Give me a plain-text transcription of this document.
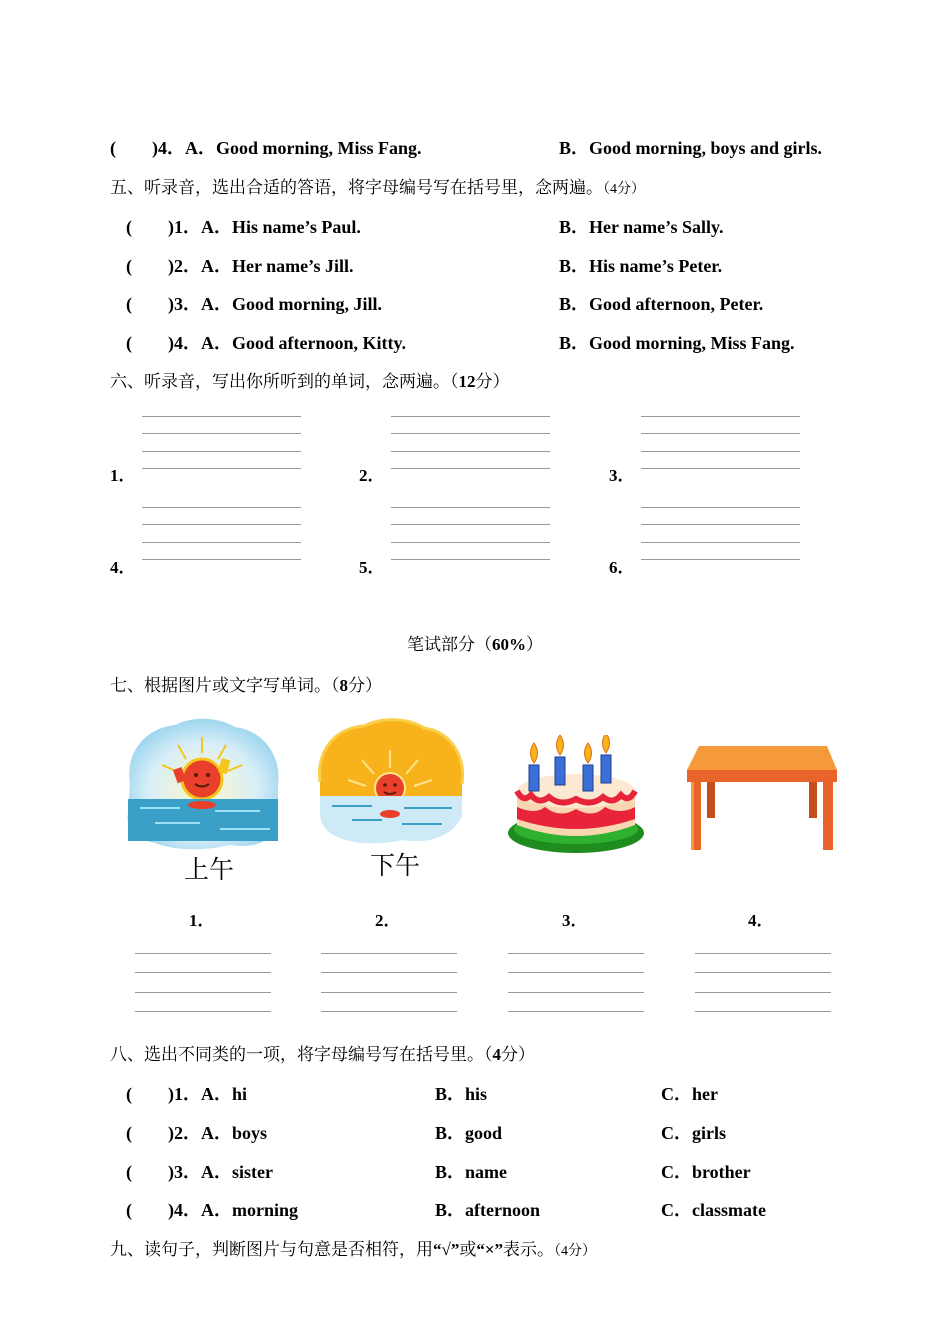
(　　)4．A．Good morning, Miss Fang.	B．Good morning, boys and girls.
五、听录音，选出合适的答语，将字母编号写在括号里，念两遍。（4分）
(　　)1．A．His name’s Paul.	B．Her name’s Sally.
(　　)2．A．Her name’s Jill.	B．His name’s Peter.
(　　)3．A．Good morning, Jill.	B．Good afternoon, Peter.
(　　)4．A．Good afternoon, Kitty.	B．Good morning, Miss Fang.
六、听录音，写出你所听到的单词，念两遍。（12分）
1．	2．	3．
4．	5．	6．
笔试部分（60%）
七、根据图片或文字写单词。（8分）
上午	下午
1．	2．	3．	4．
八、选出不同类的一项，将字母编号写在括号里。（4分）
(　　)1．A．hi	B．his	C．her
(　　)2．A．boys	B．good	C．girls
(　　)3．A．sister	B．name	C．brother
(　　)4．A．morning	B．afternoon	C．classmate
九、读句子，判断图片与句意是否相符，用“√”或“×”表示。（4分）
